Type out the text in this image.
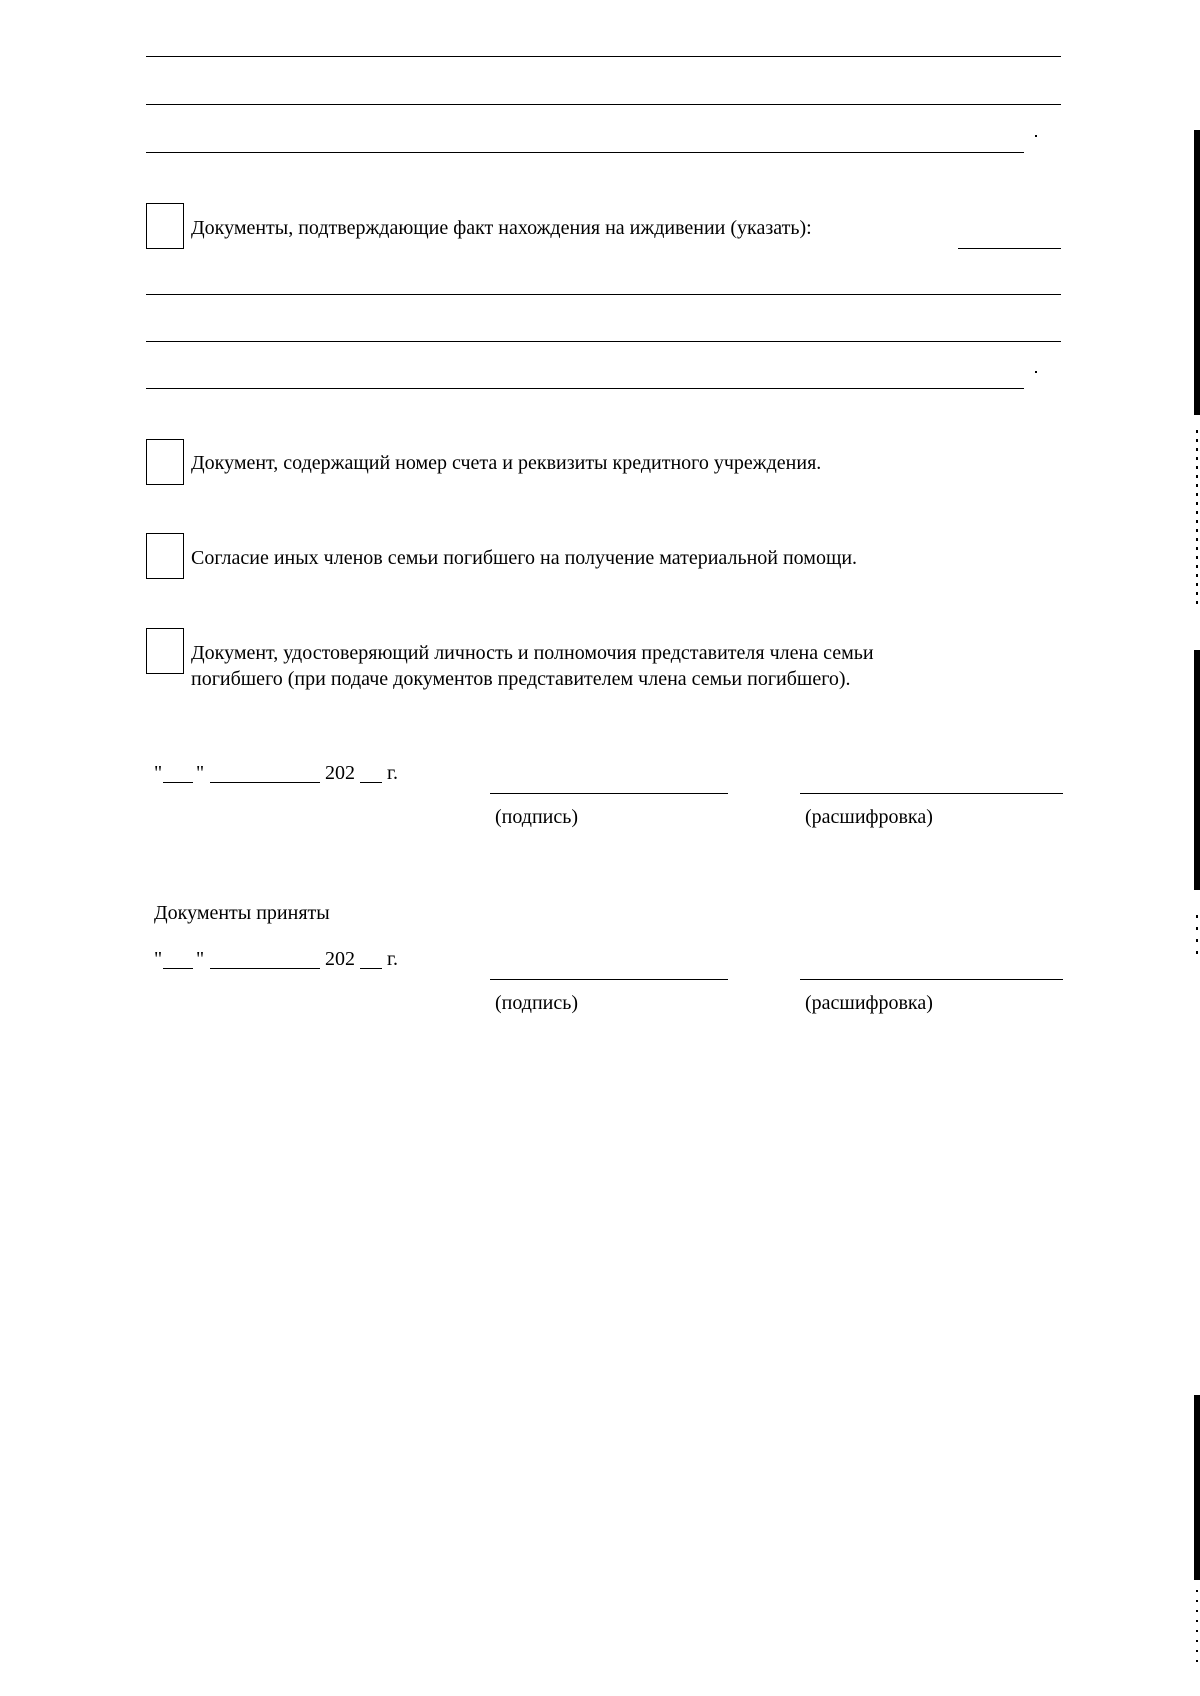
Документы, подтверждающие факт нахождения на иждивении (указать):
Документ, содержащий номер счета и реквизиты кредитного учреждения.
Согласие иных членов семьи погибшего на получение материальной помощи.
Документ, удостоверяющий личность и полномочия представителя члена семьи
погибшего (при подаче документов представителем члена семьи погибшего).
" "	202 г.
(подпись)	(расшифровка)
Документы приняты
" "	202 г.
(подпись)	(расшифровка)
